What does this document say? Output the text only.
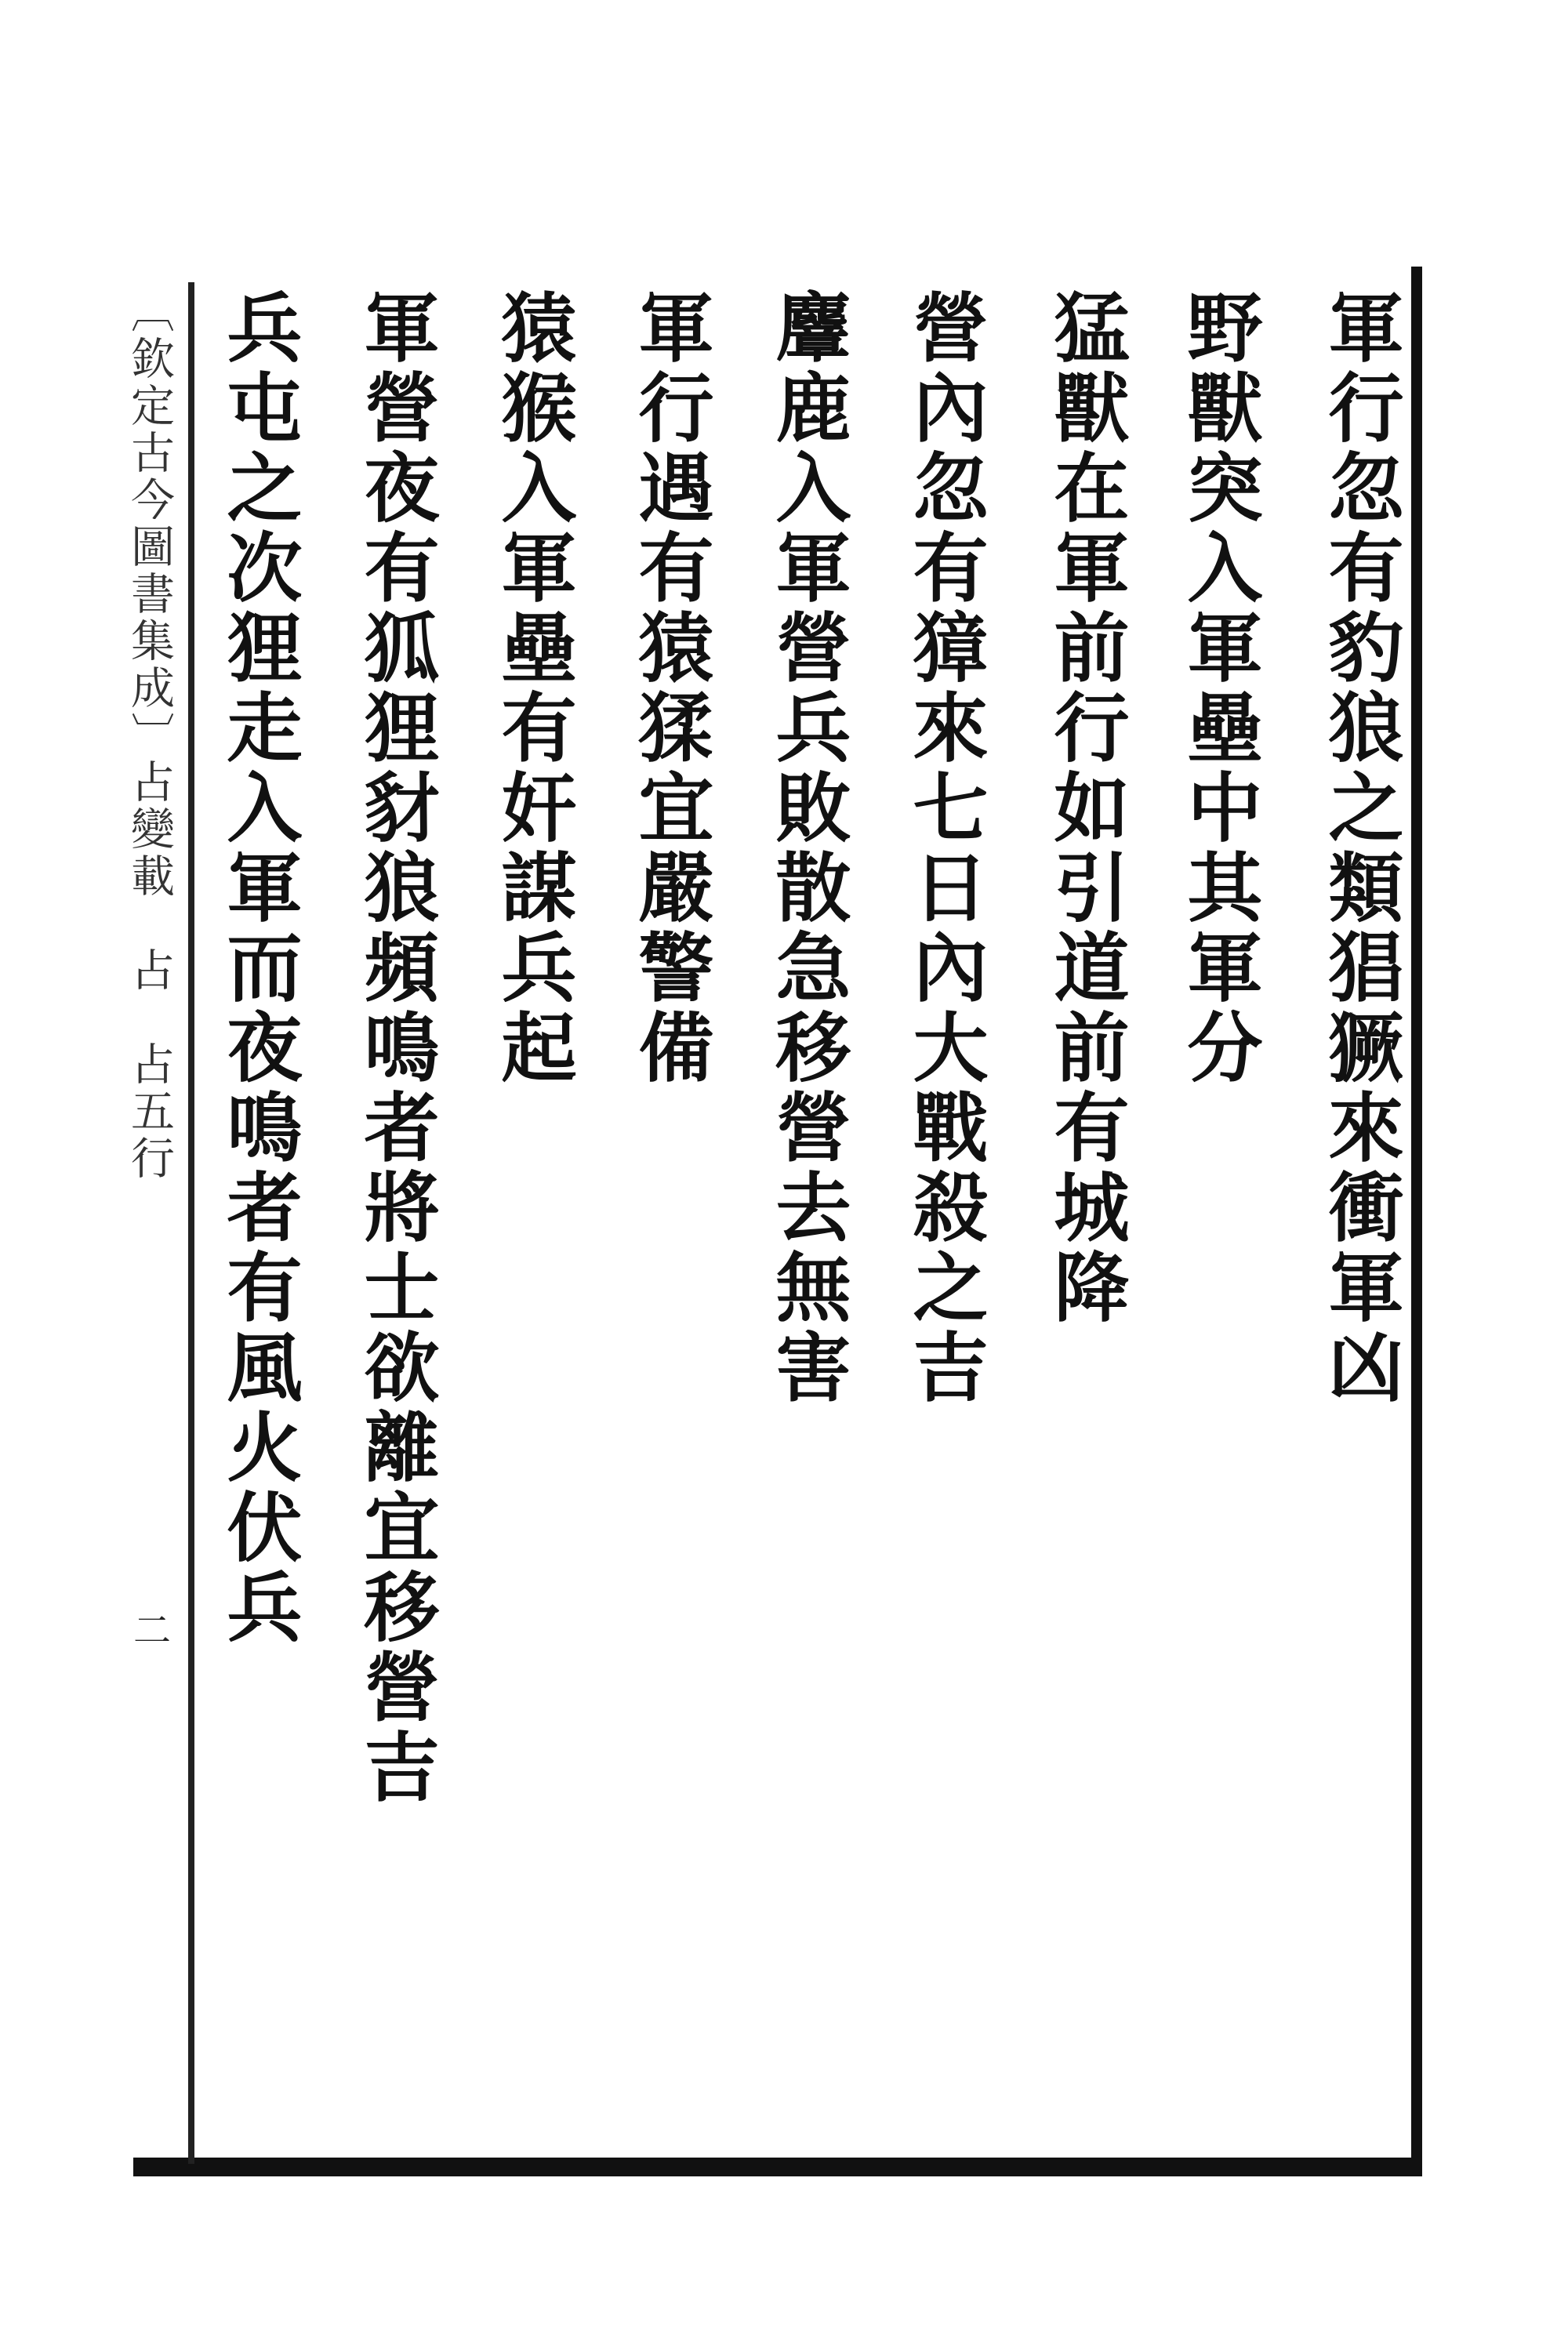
〔欽定古今圖書集成〕占變載　占　占五行
二
軍行忽有豹狼之類猖獗來衝軍凶
野獸突入軍壘中其軍分
猛獸在軍前行如引道前有城降
營內忽有獐來七日內大戰殺之吉
麞鹿入軍營兵敗散急移營去無害
軍行遇有猿猱宜嚴警備
猿猴入軍壘有奸謀兵起
軍營夜有狐狸豺狼頻鳴者將士欲離宜移營吉
兵屯之次狸走入軍而夜鳴者有風火伏兵
